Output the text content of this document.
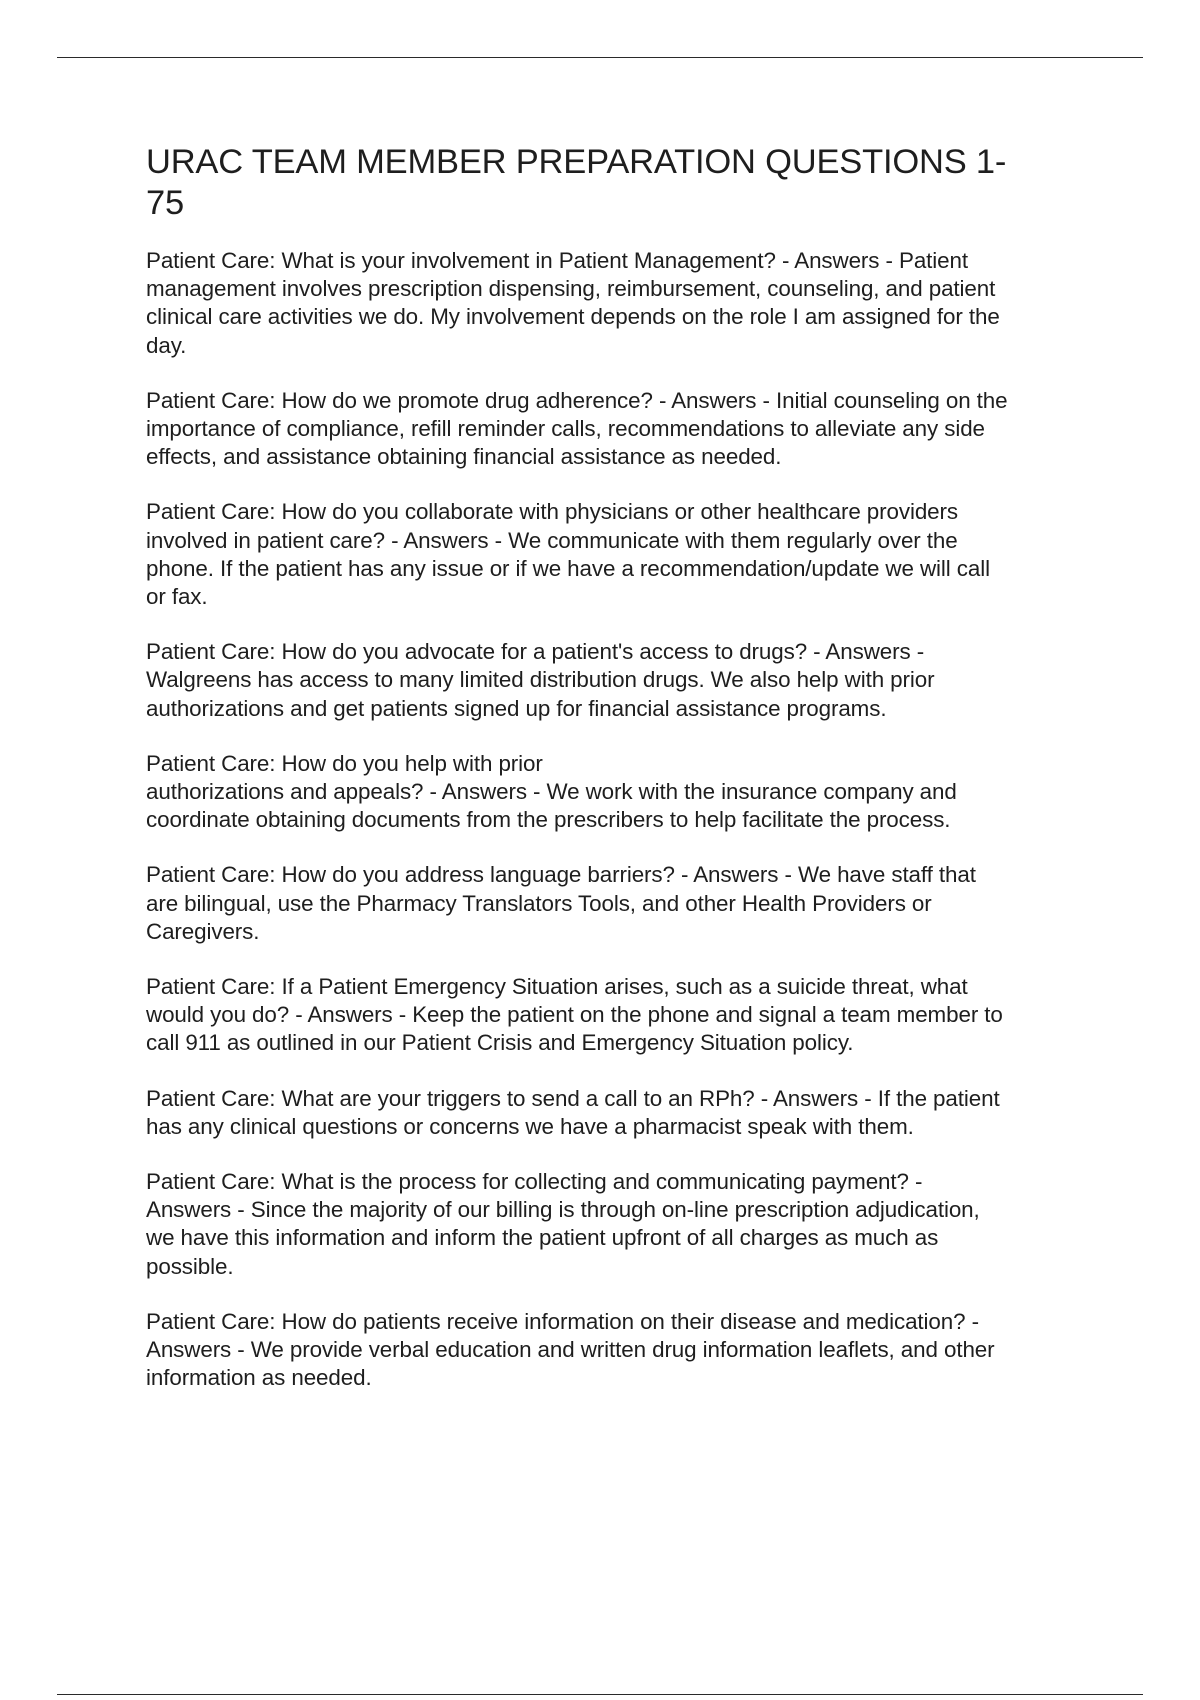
URAC TEAM MEMBER PREPARATION QUESTIONS 1-
75

Patient Care: What is your involvement in Patient Management? - Answers - Patient
management involves prescription dispensing, reimbursement, counseling, and patient
clinical care activities we do. My involvement depends on the role I am assigned for the
day.

Patient Care: How do we promote drug adherence? - Answers - Initial counseling on the
importance of compliance, refill reminder calls, recommendations to alleviate any side
effects, and assistance obtaining financial assistance as needed.

Patient Care: How do you collaborate with physicians or other healthcare providers
involved in patient care? - Answers - We communicate with them regularly over the
phone. If the patient has any issue or if we have a recommendation/update we will call
or fax.

Patient Care: How do you advocate for a patient's access to drugs? - Answers -
Walgreens has access to many limited distribution drugs. We also help with prior
authorizations and get patients signed up for financial assistance programs.

Patient Care: How do you help with prior
authorizations and appeals? - Answers - We work with the insurance company and
coordinate obtaining documents from the prescribers to help facilitate the process.

Patient Care: How do you address language barriers? - Answers - We have staff that
are bilingual, use the Pharmacy Translators Tools, and other Health Providers or
Caregivers.

Patient Care: If a Patient Emergency Situation arises, such as a suicide threat, what
would you do? - Answers - Keep the patient on the phone and signal a team member to
call 911 as outlined in our Patient Crisis and Emergency Situation policy.

Patient Care: What are your triggers to send a call to an RPh? - Answers - If the patient
has any clinical questions or concerns we have a pharmacist speak with them.

Patient Care: What is the process for collecting and communicating payment? -
Answers - Since the majority of our billing is through on-line prescription adjudication,
we have this information and inform the patient upfront of all charges as much as
possible.

Patient Care: How do patients receive information on their disease and medication? -
Answers - We provide verbal education and written drug information leaflets, and other
information as needed.
